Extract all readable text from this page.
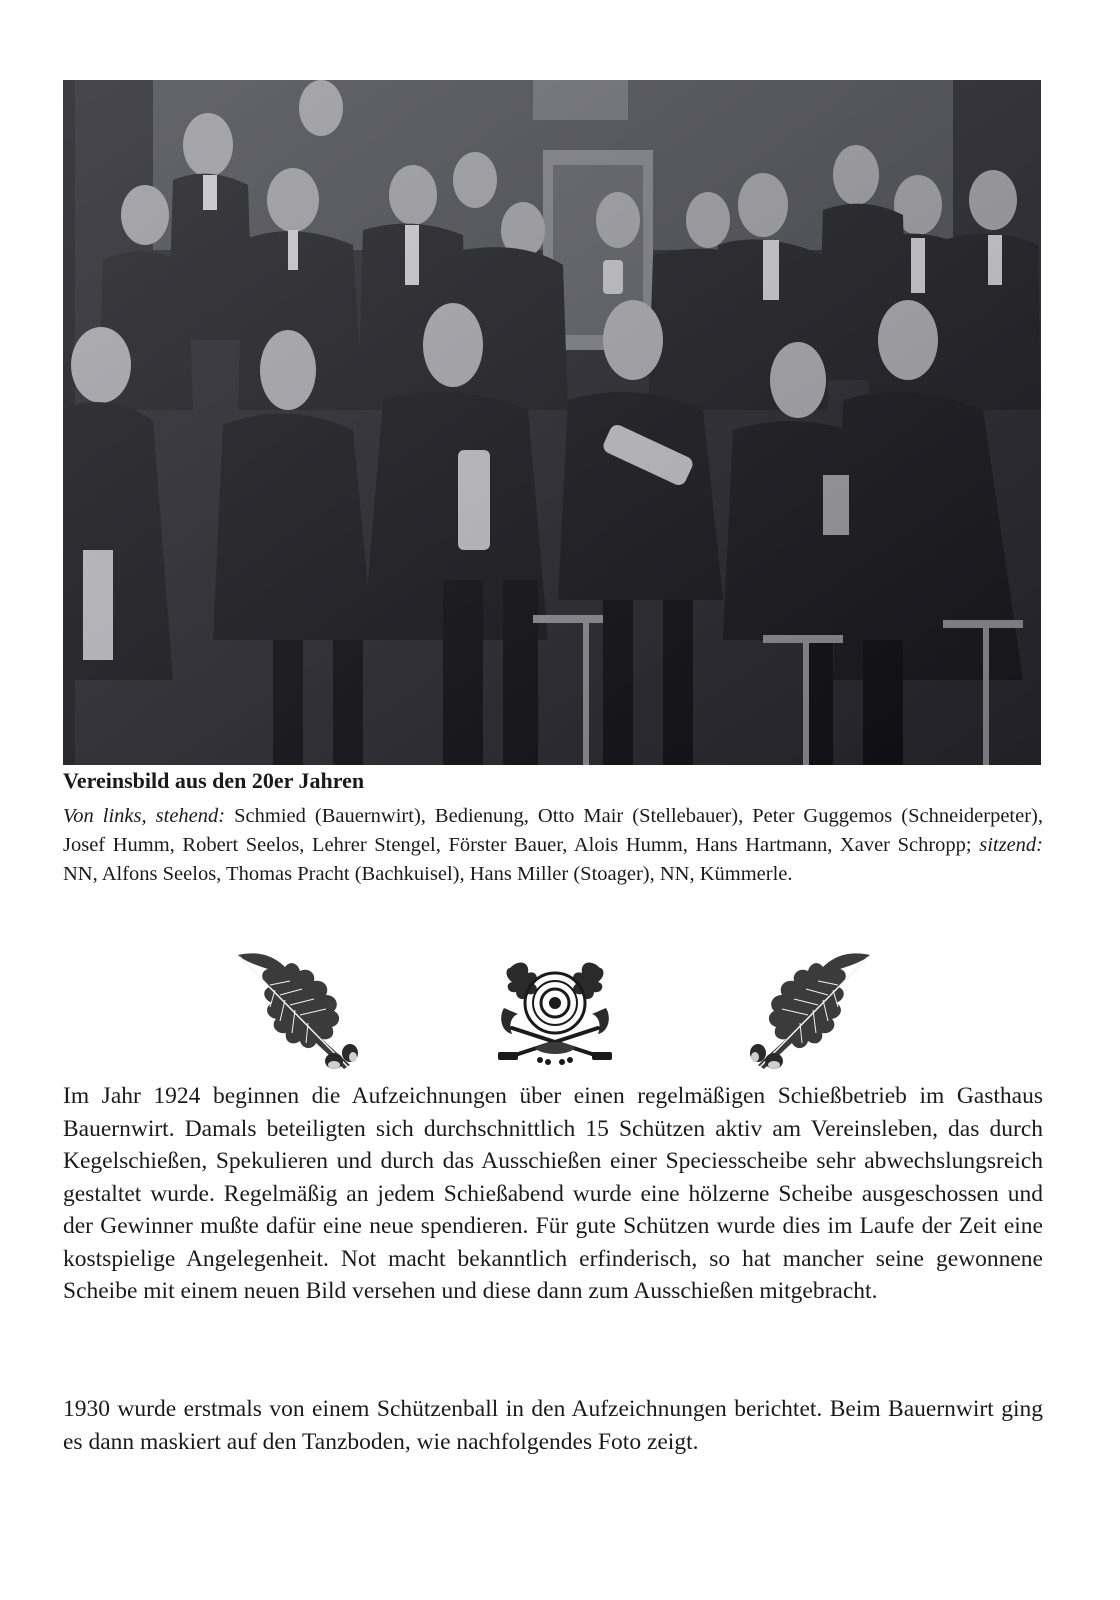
Vereinsbild aus den 20er Jahren

Von links, stehend: Schmied (Bauernwirt), Bedienung, Otto Mair (Stellebauer), Peter Guggemos (Schneiderpeter), Josef Humm, Robert Seelos, Lehrer Stengel, Förster Bauer, Alois Humm, Hans Hartmann, Xaver Schropp; sitzend: NN, Alfons Seelos, Thomas Pracht (Bachkuisel), Hans Miller (Stoager), NN, Kümmerle.

Im Jahr 1924 beginnen die Aufzeichnungen über einen regelmäßigen Schießbetrieb im Gasthaus Bauernwirt. Damals beteiligten sich durchschnittlich 15 Schützen aktiv am Vereinsleben, das durch Kegelschießen, Spekulieren und durch das Ausschießen einer Speciesscheibe sehr abwechslungsreich gestaltet wurde. Regelmäßig an jedem Schießabend wurde eine hölzerne Scheibe ausgeschossen und der Gewinner mußte dafür eine neue spendieren. Für gute Schützen wurde dies im Laufe der Zeit eine kostspielige Angelegenheit. Not macht bekanntlich erfinderisch, so hat mancher seine gewonnene Scheibe mit einem neuen Bild versehen und diese dann zum Ausschießen mitgebracht.

1930 wurde erstmals von einem Schützenball in den Aufzeichnungen berichtet. Beim Bauernwirt ging es dann maskiert auf den Tanzboden, wie nachfolgendes Foto zeigt.
